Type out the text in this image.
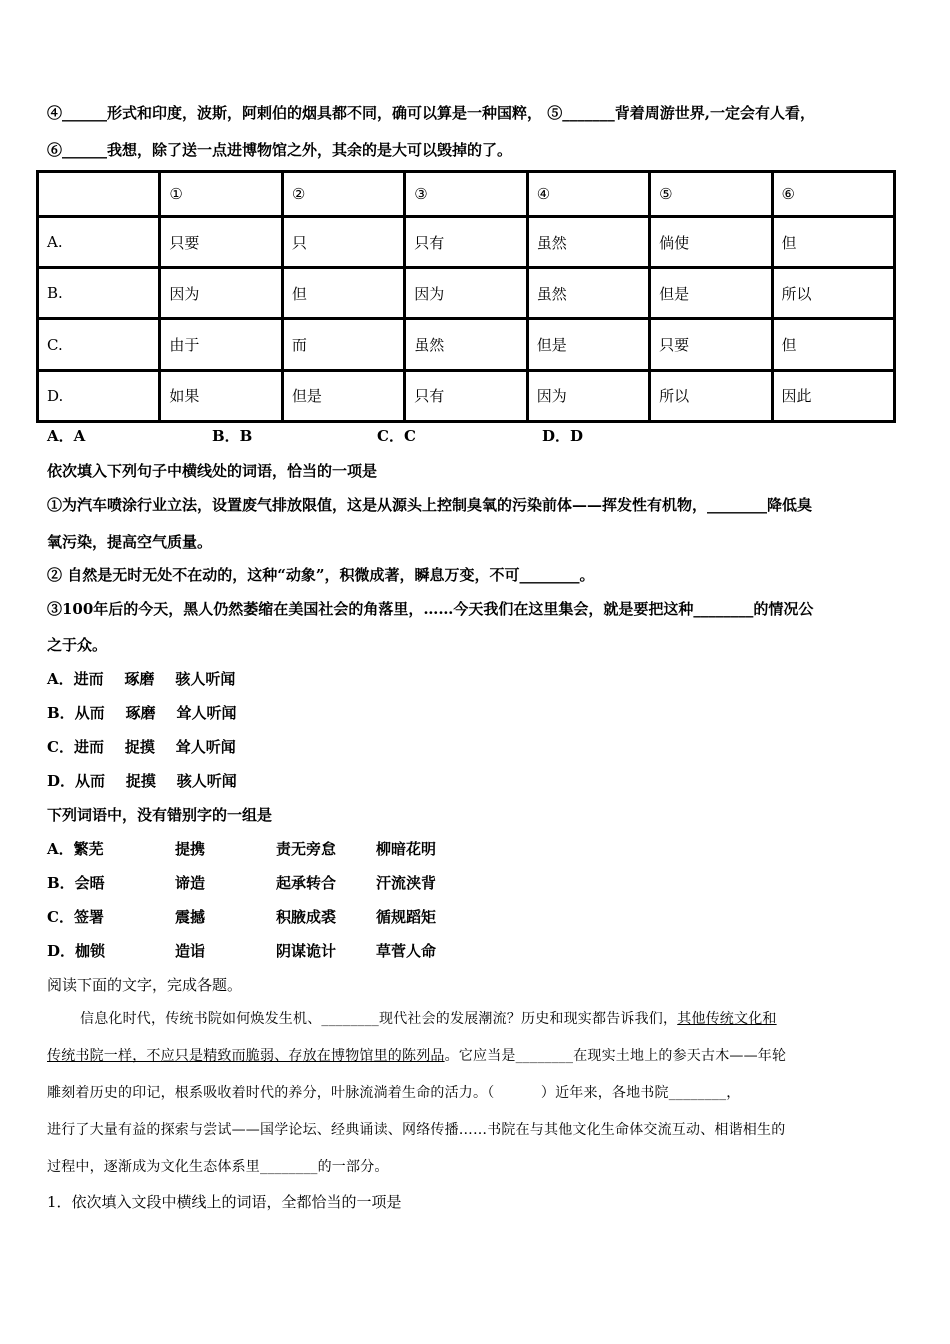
④______形式和印度，波斯，阿剌伯的烟具都不同，确可以算是一种国粹， ⑤_______背着周游世界,一定会有人看，
⑥______我想，除了送一点进博物馆之外，其余的是大可以毁掉的了。
	①	②	③	④	⑤	⑥
A.	只要	只	只有	虽然	倘使	但
B.	因为	但	因为	虽然	但是	所以
C.	由于	而	虽然	但是	只要	但
D.	如果	但是	只有	因为	所以	因此
A．A	B．B	C．C	D．D
依次填入下列句子中横线处的词语，恰当的一项是
①为汽车喷涂行业立法，设置废气排放限值，这是从源头上控制臭氧的污染前体——挥发性有机物，________降低臭
氧污染，提高空气质量。
② 自然是无时无处不在动的，这种“动象”，积微成著，瞬息万变，不可________。
③100年后的今天，黑人仍然萎缩在美国社会的角落里，……今天我们在这里集会，就是要把这种________的情况公
之于众。
A．进而    琢磨    骇人听闻
B．从而    琢磨    耸人听闻
C．进而    捉摸    耸人听闻
D．从而    捉摸    骇人听闻
下列词语中，没有错别字的一组是
A．繁芜	提携	责无旁怠	柳暗花明
B．会晤	谛造	起承转合	汗流浃背
C．签署	震撼	积腋成裘	循规蹈矩
D．枷锁	造诣	阴谋诡计	草菅人命
阅读下面的文字，完成各题。
信息化时代，传统书院如何焕发生机、________现代社会的发展潮流？历史和现实都告诉我们，其他传统文化和
传统书院一样，不应只是精致而脆弱、存放在博物馆里的陈列品。它应当是________在现实土地上的参天古木——年轮
雕刻着历史的印记，根系吸收着时代的养分，叶脉流淌着生命的活力。（          ）近年来，各地书院________，
进行了大量有益的探索与尝试——国学论坛、经典诵读、网络传播……书院在与其他文化生命体交流互动、相谐相生的
过程中，逐渐成为文化生态体系里________的一部分。
1．依次填入文段中横线上的词语，全都恰当的一项是
